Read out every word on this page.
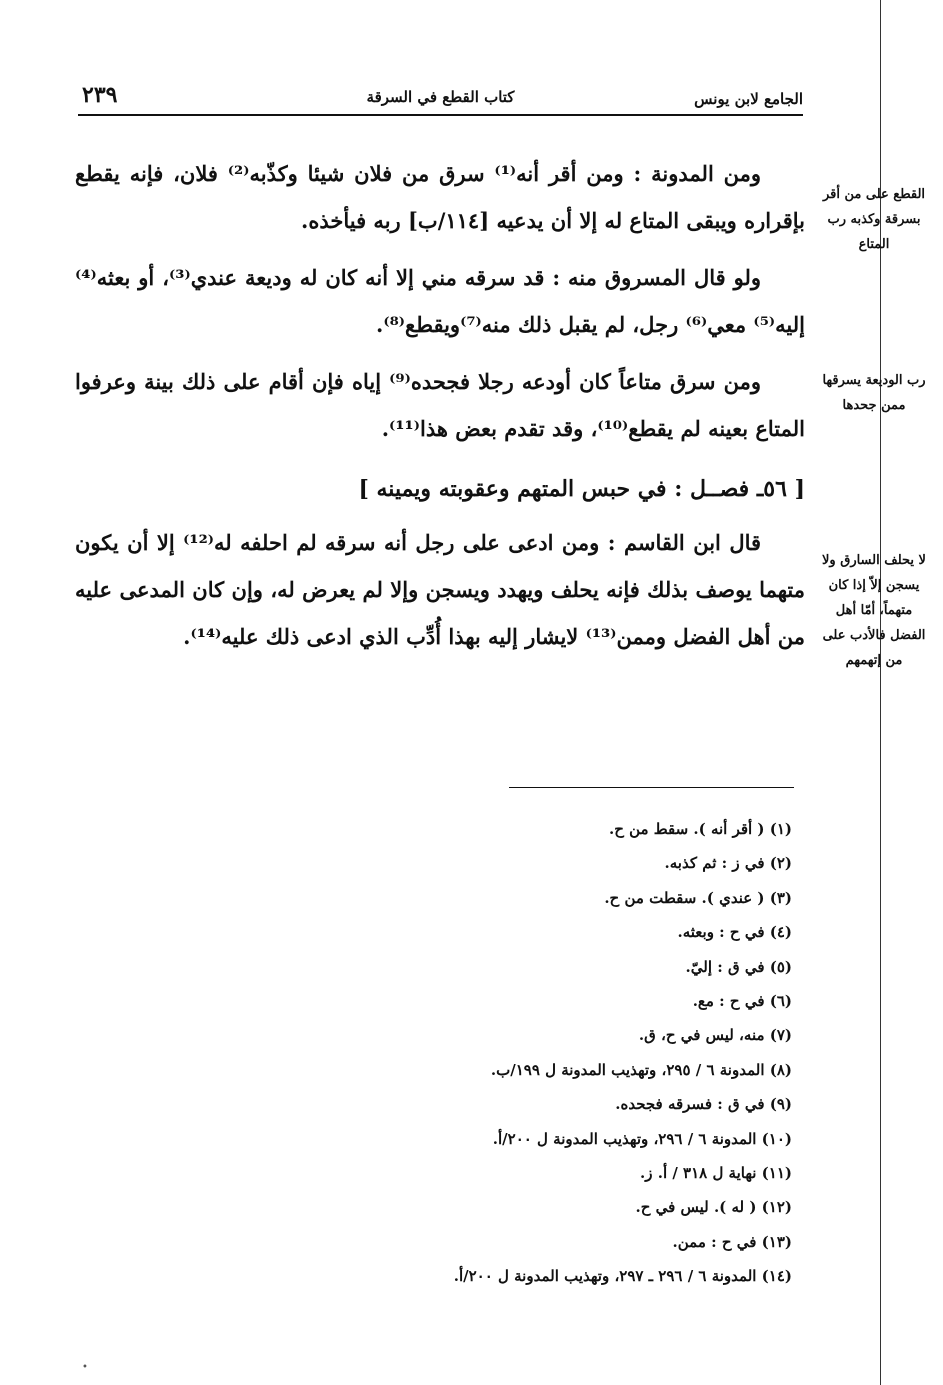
٢٣٩	كتاب القطع في السرقة	الجامع لابن يونس

ومن المدونة : ومن أقر أنه⁽¹⁾ سرق من فلان شيئا وكذّبه⁽²⁾ فلان، فإنه يقطع بإقراره ويبقى المتاع له إلا أن يدعيه [١١٤/ب] ربه فيأخذه.

ولو قال المسروق منه : قد سرقه مني إلا أنه كان له وديعة عندي⁽³⁾، أو بعثه⁽⁴⁾ إليه⁽⁵⁾ معي⁽⁶⁾ رجل، لم يقبل ذلك منه⁽⁷⁾ويقطع⁽⁸⁾.

ومن سرق متاعاً كان أودعه رجلا فجحده⁽⁹⁾ إياه فإن أقام على ذلك بينة وعرفوا المتاع بعينه لم يقطع⁽¹⁰⁾، وقد تقدم بعض هذا⁽¹¹⁾.

[ ٥٦ـ فصــل : في حبس المتهم وعقوبته ويمينه ]

قال ابن القاسم : ومن ادعى على رجل أنه سرقه لم احلفه له⁽¹²⁾ إلا أن يكون متهما يوصف بذلك فإنه يحلف ويهدد ويسجن وإلا لم يعرض له، وإن كان المدعى عليه من أهل الفضل وممن⁽¹³⁾ لايشار إليه بهذا أُدِّب الذي ادعى ذلك عليه⁽¹⁴⁾.

القطع على من أقر بسرقة وكذبه رب المتاع
رب الوديعة يسرقها ممن جحدها
لا يحلف السارق ولا يسجن إلاّ إذا كان متهماً، أمّا أهل الفضل فالأدب على من إتهمهم
(١) ( أقر أنه ). سقط من ح.
(٢) في ز : ثم كذبه.
(٣) ( عندي ). سقطت من ح.
(٤) في ح : وبعثه.
(٥) في ق : إليّ.
(٦) في ح : مع.
(٧) منه، ليس في ح، ق.
(٨) المدونة ٦ / ٢٩٥، وتهذيب المدونة ل ١٩٩/ب.
(٩) في ق : فسرقه فجحده.
(١٠) المدونة ٦ / ٢٩٦، وتهذيب المدونة ل ٢٠٠/أ.
(١١) نهاية ل ٣١٨ / أ. ز.
(١٢) ( له ). ليس في ح.
(١٣) في ح : ممن.
(١٤) المدونة ٦ / ٢٩٦ ـ ٢٩٧، وتهذيب المدونة ل ٢٠٠/أ.
•
